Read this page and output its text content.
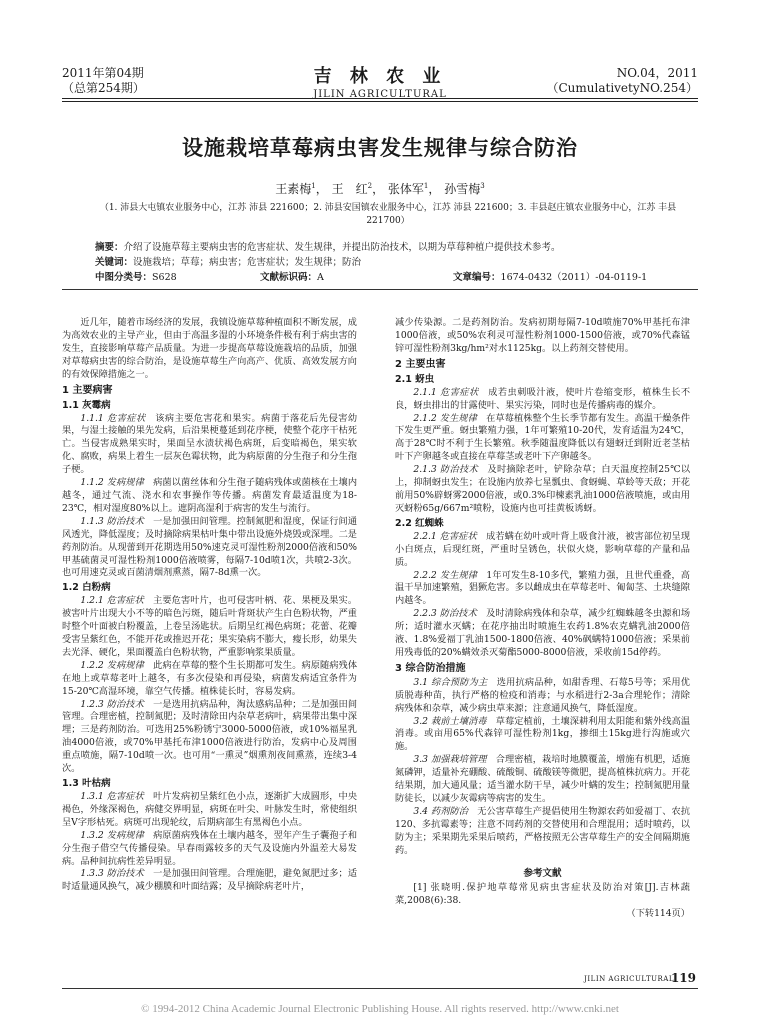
2011年第04期
（总第254期）
吉 林 农 业
JILIN AGRICULTURAL
NO.04，2011
（CumulativetyNO.254）
设施栽培草莓病虫害发生规律与综合防治
王素梅$^1$， 王　红$^2$， 张体军$^1$， 孙雪梅$^3$
（1. 沛县大屯镇农业服务中心，江苏 沛县 221600；2. 沛县安国镇农业服务中心，江苏 沛县 221600；3. 丰县赵庄镇农业服务中心，江苏 丰县 221700）
摘要：介绍了设施草莓主要病虫害的危害症状、发生规律，并提出防治技术，以期为草莓种植户提供技术参考。
关键词：设施栽培；草莓；病虫害；危害症状；发生规律；防治
中图分类号：S628	文献标识码：A	文章编号：1674-0432（2011）-04-0119-1

近几年，随着市场经济的发展，我镇设施草莓种植面积不断发展，成为高效农业的主导产业，但由于高温多湿的小环境条件极有利于病虫害的发生，直接影响草莓产品质量。为进一步提高草莓设施栽培的品质，加强对草莓病虫害的综合防治，是设施草莓生产向高产、优质、高效发展方向的有效保障措施之一。

1 主要病害
1.1 灰霉病

1.1.1 危害症状　 该病主要危害花和果实。病菌于落花后先侵害幼果，与湿土接触的果先发病，后沿果梗蔓延到花序梗，使整个花序干枯死亡。当侵害成熟果实时，果面呈水渍状褐色病斑，后变暗褐色，果实软化、腐败，病果上着生一层灰色霉状物，此为病原菌的分生孢子和分生孢子梗。

1.1.2 发病规律　 病菌以菌丝体和分生孢子随病残体或菌核在土壤内越冬，通过气流、浇水和农事操作等传播。病菌发育最适温度为18-23℃，相对湿度80%以上。遮阴高湿利于病害的发生与流行。

1.1.3 防治技术　 一是加强田间管理。控制氮肥和湿度，保证行间通风透光，降低湿度；及时摘除病果枯叶集中带出设施外烧毁或深埋。二是药剂防治。从现蕾到开花期选用50%速克灵可湿性粉剂2000倍液和50%甲基硫菌灵可湿性粉剂1000倍液喷雾，每隔7-10d喷1次，共喷2-3次。也可用速克灵或百菌清烟剂熏蒸，隔7-8d熏一次。

1.2 白粉病

1.2.1 危害症状　 主要危害叶片，也可侵害叶柄、花、果梗及果实。被害叶片出现大小不等的暗色污斑，随后叶背斑状产生白色粉状物，严重时整个叶面被白粉覆盖，上卷呈汤匙状。后期呈红褐色病斑；花蕾、花瓣受害呈紫红色，不能开花或推迟开花；果实染病不膨大，瘦长形，幼果失去光泽、硬化，果面覆盖白色粉状物，严重影响浆果质量。

1.2.2 发病规律　 此病在草莓的整个生长期都可发生。病原随病残体在地上或草莓老叶上越冬，有多次侵染和再侵染，病菌发病适宜条件为15-20℃高湿环境，靠空气传播。植株徒长时，容易发病。

1.2.3 防治技术　 一是选用抗病品种，淘汰感病品种；二是加强田间管理。合理密植，控制氮肥；及时清除田内杂草老病叶，病果带出集中深埋；三是药剂防治。可选用25%粉锈宁3000-5000倍液，或10%福星乳油4000倍液，或70%甲基托布津1000倍液进行防治，发病中心及周围重点喷施，隔7-10d喷一次。也可用“一熏灵”烟熏剂夜间熏蒸，连续3-4次。

1.3 叶枯病

1.3.1 危害症状　 叶片发病初呈紫红色小点，逐渐扩大成圆形，中央褐色，外缘深褐色，病健交界明显，病斑在叶尖、叶脉发生时，常使组织呈V字形枯死。病斑可出现轮纹，后期病部生有黑褐色小点。

1.3.2 发病规律　 病原菌病残体在土壤内越冬，翌年产生子囊孢子和分生孢子借空气传播侵染。早春雨露较多的天气及设施内外温差大易发病。品种间抗病性差异明显。

1.3.3 防治技术　 一是加强田间管理。合理施肥，避免氮肥过多；适时适量通风换气，减少棚膜和叶面结露；及早摘除病老叶片，

减少传染源。二是药剂防治。发病初期每隔7-10d喷施70%甲基托布津1000倍液，或50%农利灵可湿性粉剂1000-1500倍液，或70%代森锰锌可湿性粉剂3kg/hm²对水1125kg。以上药剂交替使用。

2 主要虫害
2.1 蚜虫

2.1.1 危害症状　 成若虫刺吸汁液，使叶片卷缩变形，植株生长不良，蚜虫排出的甘露使叶、果实污染，同时也是传播病毒的媒介。

2.1.2 发生规律　 在草莓植株整个生长季节都有发生。高温干燥条件下发生更严重。蚜虫繁殖力强，1年可繁殖10-20代，发育适温为24℃，高于28℃时不利于生长繁殖。秋季随温度降低以有翅蚜迁到附近老茎枯叶下产卵越冬或直接在草莓茎或老叶下产卵越冬。

2.1.3 防治技术　 及时摘除老叶，铲除杂草；白天温度控制25℃以上，抑制蚜虫发生；在设施内放养七星瓢虫、食蚜蝇、草蛉等天敌；开花前用50%辟蚜雾2000倍液，或0.3%印楝素乳油1000倍液喷施，或由用灭蚜粉65g/667m²喷粉，设施内也可挂黄板诱蚜。

2.2 红蜘蛛

2.2.1 危害症状　 成若螨在幼叶或叶背上吸食汁液，被害部位初呈现小白斑点，后现红斑，严重时呈锈色，状似火烧，影响草莓的产量和品质。

2.2.2 发生规律　 1年可发生8-10多代，繁殖力强，且世代重叠，高温干旱加速繁殖，猖獗危害。多以雌成虫在草莓老叶、匍匐茎、土块缝隙内越冬。

2.2.3 防治技术　 及时清除病残体和杂草，减少红蜘蛛越冬虫源和场所；适时灌水灭螨；在花序抽出时喷施生农药1.8%农克螨乳油2000倍液、1.8%爱福丁乳油1500-1800倍液、40%砜螨特1000倍液；采果前用残毒低的20%螨效杀灭菊酯5000-8000倍液，采收前15d停药。

3 综合防治措施

3.1 综合预防为主　 选用抗病品种，如甜香理、石莓5号等；采用优质脱毒种苗，执行严格的检疫和消毒；与水稻进行2-3a合理轮作；清除病残体和杂草，减少病虫草来源；注意通风换气，降低湿度。

3.2 栽前土壤消毒　 草莓定植前，土壤深耕利用太阳能和紫外线高温消毒。或亩用65%代森锌可湿性粉剂1kg，掺细土15kg进行沟施或穴施。

3.3 加强栽培管理　 合理密植，栽培时地膜覆盖，增施有机肥，适施氮磷钾，适量补充硼酸、硫酸铜、硫酸镁等微肥，提高植株抗病力。开花结果期，加大通风量；适当灌水防干旱，减少叶螨的发生；控制氮肥用量防徒长，以减少灰霉病等病害的发生。

3.4 药剂防治　 无公害草莓生产提倡使用生物源农药如爱福丁、农抗120、多抗霉素等；注意不同药剂的交替使用和合理混用；适时喷药，以防为主；采果期先采果后喷药，严格按照无公害草莓生产的安全间隔期施药。

参考文献

[1] 张晓明.保护地草莓常见病虫害症状及防治对策[J].吉林蔬菜,2008(6):38.

（下转114页）

JILIN AGRICULTURAL
119
© 1994-2012 China Academic Journal Electronic Publishing House. All rights reserved. http://www.cnki.net
